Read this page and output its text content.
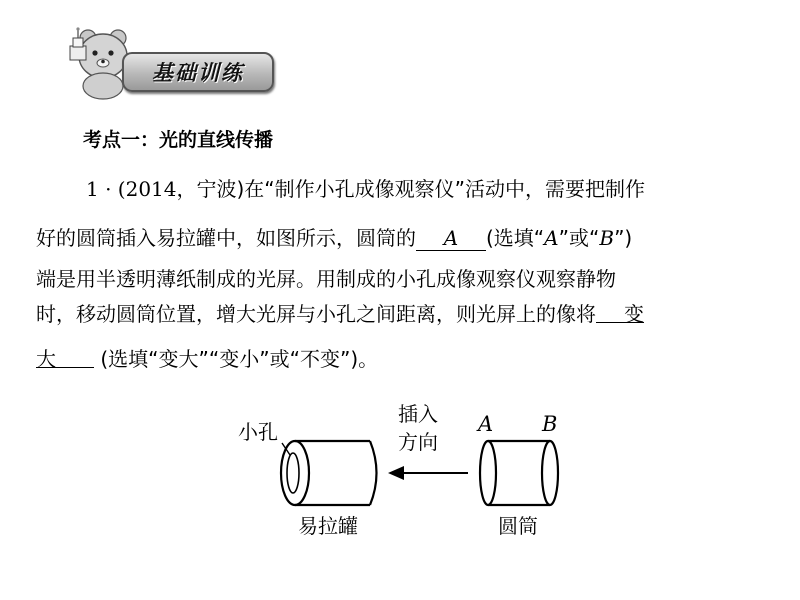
基础训练
考点一：光的直线传播
1 · (2014，宁波)在“制作小孔成像观察仪”活动中，需要把制作
好的圆筒插入易拉罐中，如图所示，圆筒的 A (选填“A”或“B”)
端是用半透明薄纸制成的光屏。用制成的小孔成像观察仪观察静物
时，移动圆筒位置，增大光屏与小孔之间距离，则光屏上的像将 变
大 (选填“变大”“变小”或“不变”)。
小孔
易拉罐
插入
方向
A B
圆筒
